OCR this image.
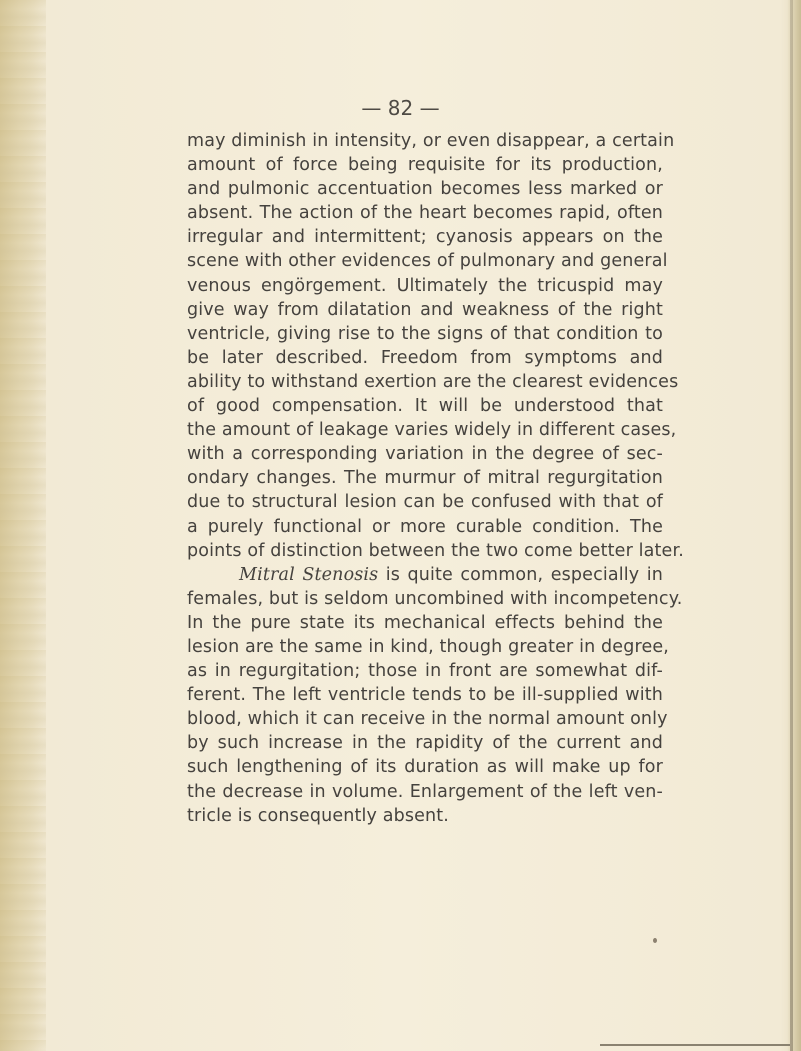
— 82 —
may diminish in intensity, or even disappear, a certain
amount of force being requisite for its production,
and pulmonic accentuation becomes less marked or
absent. The action of the heart becomes rapid, often
irregular and intermittent; cyanosis appears on the
scene with other evidences of pulmonary and general
venous engörgement. Ultimately the tricuspid may
give way from dilatation and weakness of the right
ventricle, giving rise to the signs of that condition to
be later described. Freedom from symptoms and
ability to withstand exertion are the clearest evidences
of good compensation. It will be understood that
the amount of leakage varies widely in different cases,
with a corresponding variation in the degree of sec-
ondary changes. The murmur of mitral regurgitation
due to structural lesion can be confused with that of
a purely functional or more curable condition. The
points of distinction between the two come better later.
Mitral Stenosis is quite common, especially in
females, but is seldom uncombined with incompetency.
In the pure state its mechanical effects behind the
lesion are the same in kind, though greater in degree,
as in regurgitation; those in front are somewhat dif-
ferent. The left ventricle tends to be ill-supplied with
blood, which it can receive in the normal amount only
by such increase in the rapidity of the current and
such lengthening of its duration as will make up for
the decrease in volume. Enlargement of the left ven-
tricle is consequently absent.
